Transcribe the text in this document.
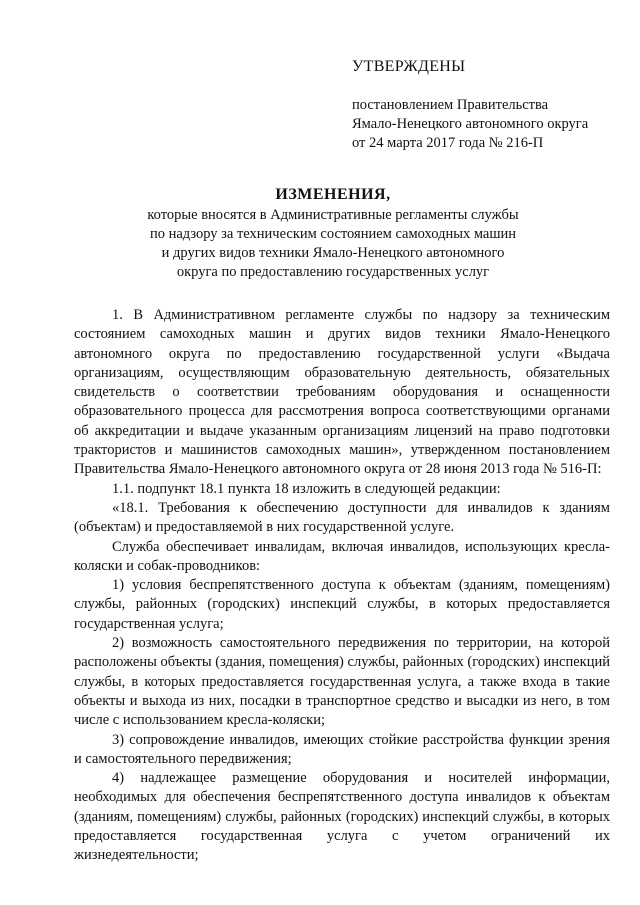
УТВЕРЖДЕНЫ
постановлением Правительства
Ямало-Ненецкого автономного округа
от 24 марта 2017 года № 216-П
ИЗМЕНЕНИЯ,
которые вносятся в Административные регламенты службы
по надзору за техническим состоянием самоходных машин
и других видов техники Ямало-Ненецкого автономного
округа по предоставлению государственных услуг

1. В Административном регламенте службы по надзору за техническим состоянием самоходных машин и других видов техники Ямало-Ненецкого автономного округа по предоставлению государственной услуги «Выдача организациям, осуществляющим образовательную деятельность, обязательных свидетельств о соответствии требованиям оборудования и оснащенности образовательного процесса для рассмотрения вопроса соответствующими органами об аккредитации и выдаче указанным организациям лицензий на право подготовки трактористов и машинистов самоходных машин», утвержденном постановлением Правительства Ямало-Ненецкого автономного округа от 28 июня 2013 года № 516-П:

1.1. подпункт 18.1 пункта 18 изложить в следующей редакции:

«18.1. Требования к обеспечению доступности для инвалидов к зданиям (объектам) и предоставляемой в них государственной услуге.

Служба обеспечивает инвалидам, включая инвалидов, использующих кресла-коляски и собак-проводников:

1) условия беспрепятственного доступа к объектам (зданиям, помещениям) службы, районных (городских) инспекций службы, в которых предоставляется государственная услуга;

2) возможность самостоятельного передвижения по территории, на которой расположены объекты (здания, помещения) службы, районных (городских) инспекций службы, в которых предоставляется государственная услуга, а также входа в такие объекты и выхода из них, посадки в транспортное средство и высадки из него, в том числе с использованием кресла-коляски;

3) сопровождение инвалидов, имеющих стойкие расстройства функции зрения и самостоятельного передвижения;

4) надлежащее размещение оборудования и носителей информации, необходимых для обеспечения беспрепятственного доступа инвалидов к объектам (зданиям, помещениям) службы, районных (городских) инспекций службы, в которых предоставляется государственная услуга с учетом ограничений их жизнедеятельности;
